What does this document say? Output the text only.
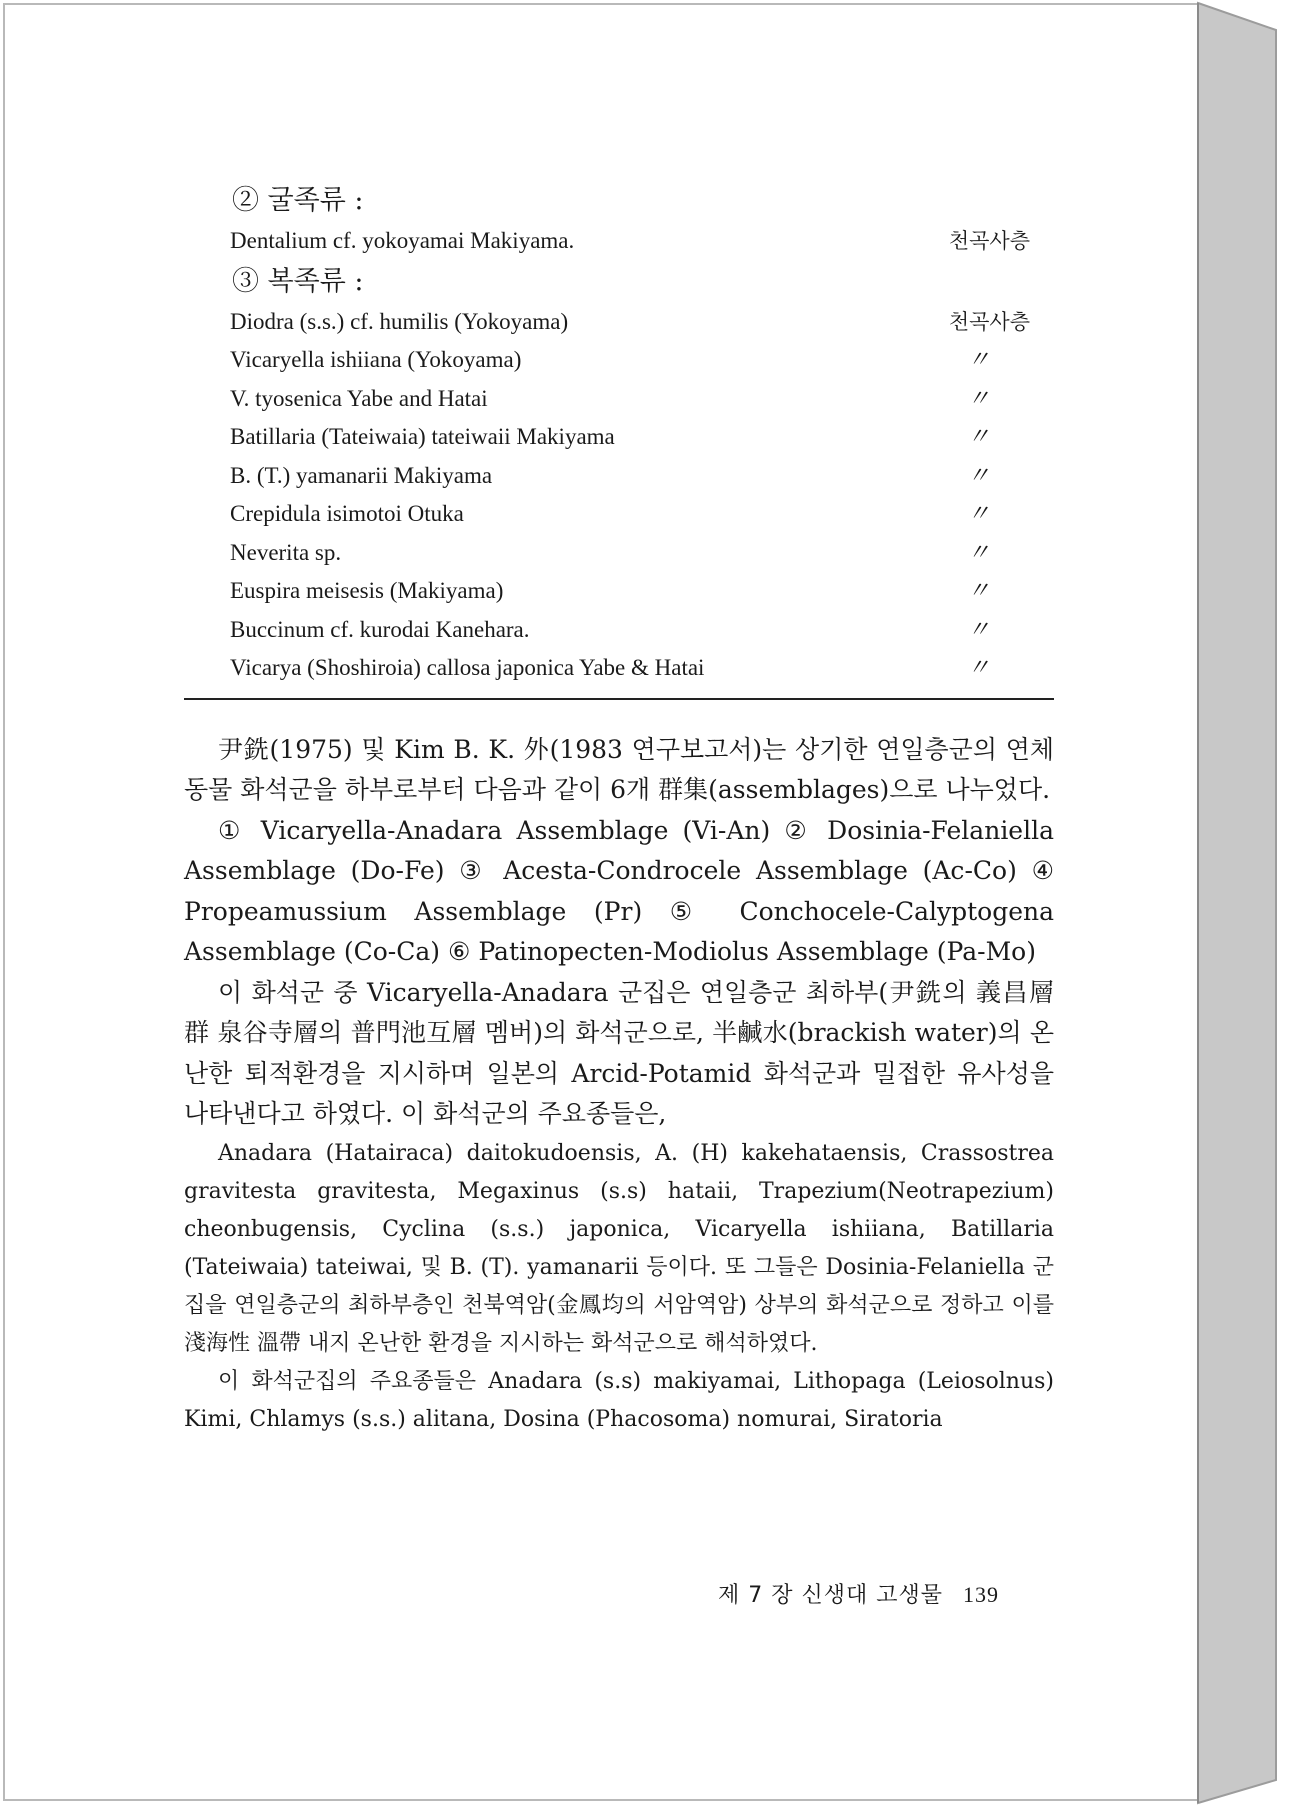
② 굴족류 :

Dentalium cf. yokoyamai Makiyama.	천곡사층

③ 복족류 :

Diodra (s.s.) cf. humilis (Yokoyama)	천곡사층
Vicaryella ishiiana (Yokoyama)	〃
V. tyosenica Yabe and Hatai	〃
Batillaria (Tateiwaia) tateiwaii Makiyama	〃
B. (T.) yamanarii Makiyama	〃
Crepidula isimotoi Otuka	〃
Neverita sp.	〃
Euspira meisesis (Makiyama)	〃
Buccinum cf. kurodai Kanehara.	〃
Vicarya (Shoshiroia) callosa japonica Yabe & Hatai	〃

尹銑(1975) 및 Kim B. K. 外(1983 연구보고서)는 상기한 연일층군의 연체동물 화석군을 하부로부터 다음과 같이 6개 群集(assemblages)으로 나누었다.

① Vicaryella-Anadara Assemblage (Vi-An) ② Dosinia-Felaniella Assemblage (Do-Fe) ③ Acesta-Condrocele Assemblage (Ac-Co) ④ Propeamussium Assemblage (Pr) ⑤ Conchocele-Calyptogena Assemblage (Co-Ca) ⑥ Patinopecten-Modiolus Assemblage (Pa-Mo)

이 화석군 중 Vicaryella-Anadara 군집은 연일층군 최하부(尹銑의 義昌層群 泉谷寺層의 普門池互層 멤버)의 화석군으로, 半鹹水(brackish water)의 온난한 퇴적환경을 지시하며 일본의 Arcid-Potamid 화석군과 밀접한 유사성을 나타낸다고 하였다. 이 화석군의 주요종들은,

Anadara (Hatairaca) daitokudoensis, A. (H) kakehataensis, Crassostrea gravitesta gravitesta, Megaxinus (s.s) hataii, Trapezium(Neotrapezium) cheonbugensis, Cyclina (s.s.) japonica, Vicaryella ishiiana, Batillaria (Tateiwaia) tateiwai, 및 B. (T). yamanarii 등이다. 또 그들은 Dosinia-Felaniella 군집을 연일층군의 최하부층인 천북역암(金鳳均의 서암역암) 상부의 화석군으로 정하고 이를 淺海性 溫帶 내지 온난한 환경을 지시하는 화석군으로 해석하였다.

이 화석군집의 주요종들은 Anadara (s.s) makiyamai, Lithopaga (Leiosolnus) Kimi, Chlamys (s.s.) alitana, Dosina (Phacosoma) nomurai, Siratoria

제 7 장 신생대 고생물 139
